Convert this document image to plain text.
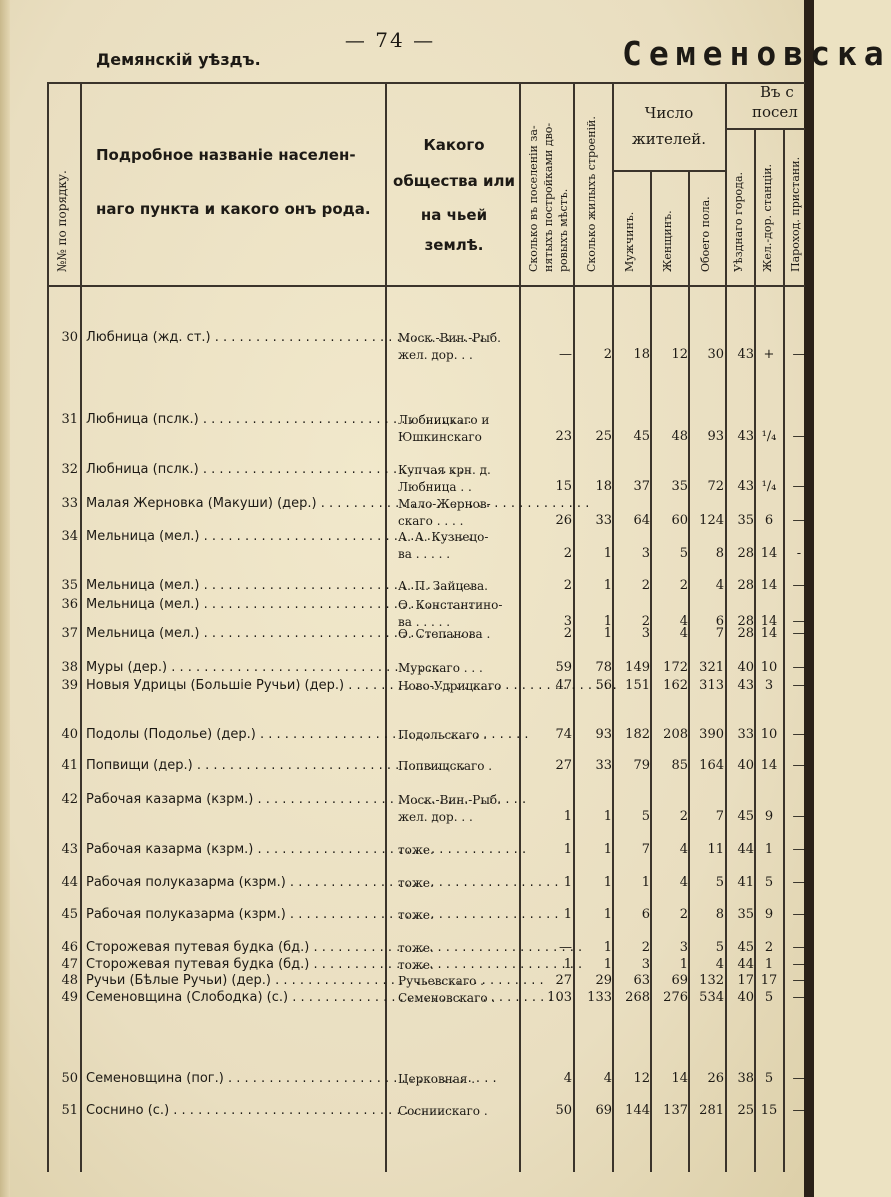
— 74 —
Демянскій уѣздъ.	Семеновска
№№ по порядку.
Подробное названіе населен-
наго пункта и какого онъ рода.
Какого
общества или
на чьей землѣ.	Сколько въ поселеніи за-нятыхъ постройками дво-ровыхъ мѣстъ. Сколько жилыхъ строеній.
Число
жителей.
Мужчинъ. Женщинъ. Обоего пола.
Въ с
посел
Уѣзднаго города. Жел.-дор. станціи. Пароход. пристани.
30 Любница (жд. ст.) . . .	Моск.-Вин.-Рыб.
жел. дор. . .	—	2	18	12	30	43 +	—
31 Любница (пслк.) . . .	Любницкаго и
Юшкинскаго	23	25	45	48	93	43 ¹/₄	—
32 Любница (пслк.) . . .	Купчая крн. д.
Любница . .	15	18	37	35	72	43 ¹/₄	—
33 Малая Жерновка (Макуши) (дер.) . . .	Мало-Жернов-
скаго . . . .	26	33	64	60 124	35 6	—
34 Мельница (мел.) . . .	А. А. Кузнецо-
ва . . . . .	2	1	3	5	8	28 14	-
35 Мельница (мел.) . . .	А. П. Зайцева.	2	1	2	2	4	28 14	—
36 Мельница (мел.) . . .	Ѳ. Константино-
ва . . . . .	3	1	2	4	6	28 14	—
37 Мельница (мел.) . . .	Ѳ. Степанова .	2	1	3	4	7	28 14	—
38 Муры (дер.) . . .	Мурскаго . . .	59	78	149	172 321	40 10	—
39 Новыя Удрицы (Большіе Ручьи) (дер.) . . .	Ново-Удрицкаго	47	56	151	162 313	43 3	—
40 Подолы (Подолье) (дер.) . . .	Подольскаго .	74	93	182	208 390	33 10	—
41 Попвищи (дер.) . . .	Попвищскаго .	27	33	79	85 164	40 14	—
42 Рабочая казарма (кзрм.) . . .	Моск.-Вин.-Рыб.
жел. дор. . .	1	1	5	2	7	45 9	—
43 Рабочая казарма (кзрм.) . . .	тоже.	1	1	7	4	11	44 1	—
44 Рабочая полуказарма (кзрм.) . . .	тоже.	1	1	1	4	5	41 5	—
45 Рабочая полуказарма (кзрм.) . . .	тоже.	1	1	6	2	8	35 9	—
46 Сторожевая путевая будка (бд.) . . .	тоже.	—	1	2	3	5	45 2	—
47 Сторожевая путевая будка (бд.) . . .	тоже.	1	1	3	1	4	44 1	—
48 Ручьи (Бѣлые Ручьи) (дер.) . . .	Ручьевскаго .	27	29	63	69 132	17 17	—
49 Семеновщина (Слободка) (с.) . . .	Семеновскаго .	103	133	268	276 534	40 5	—
50 Семеновщина (пог.) . . .	Церковная .	4	4	12	14	26	38 5	—
51 Соснино (с.) . . .	Сосниискаго .	50	69	144	137 281	25 15	—
